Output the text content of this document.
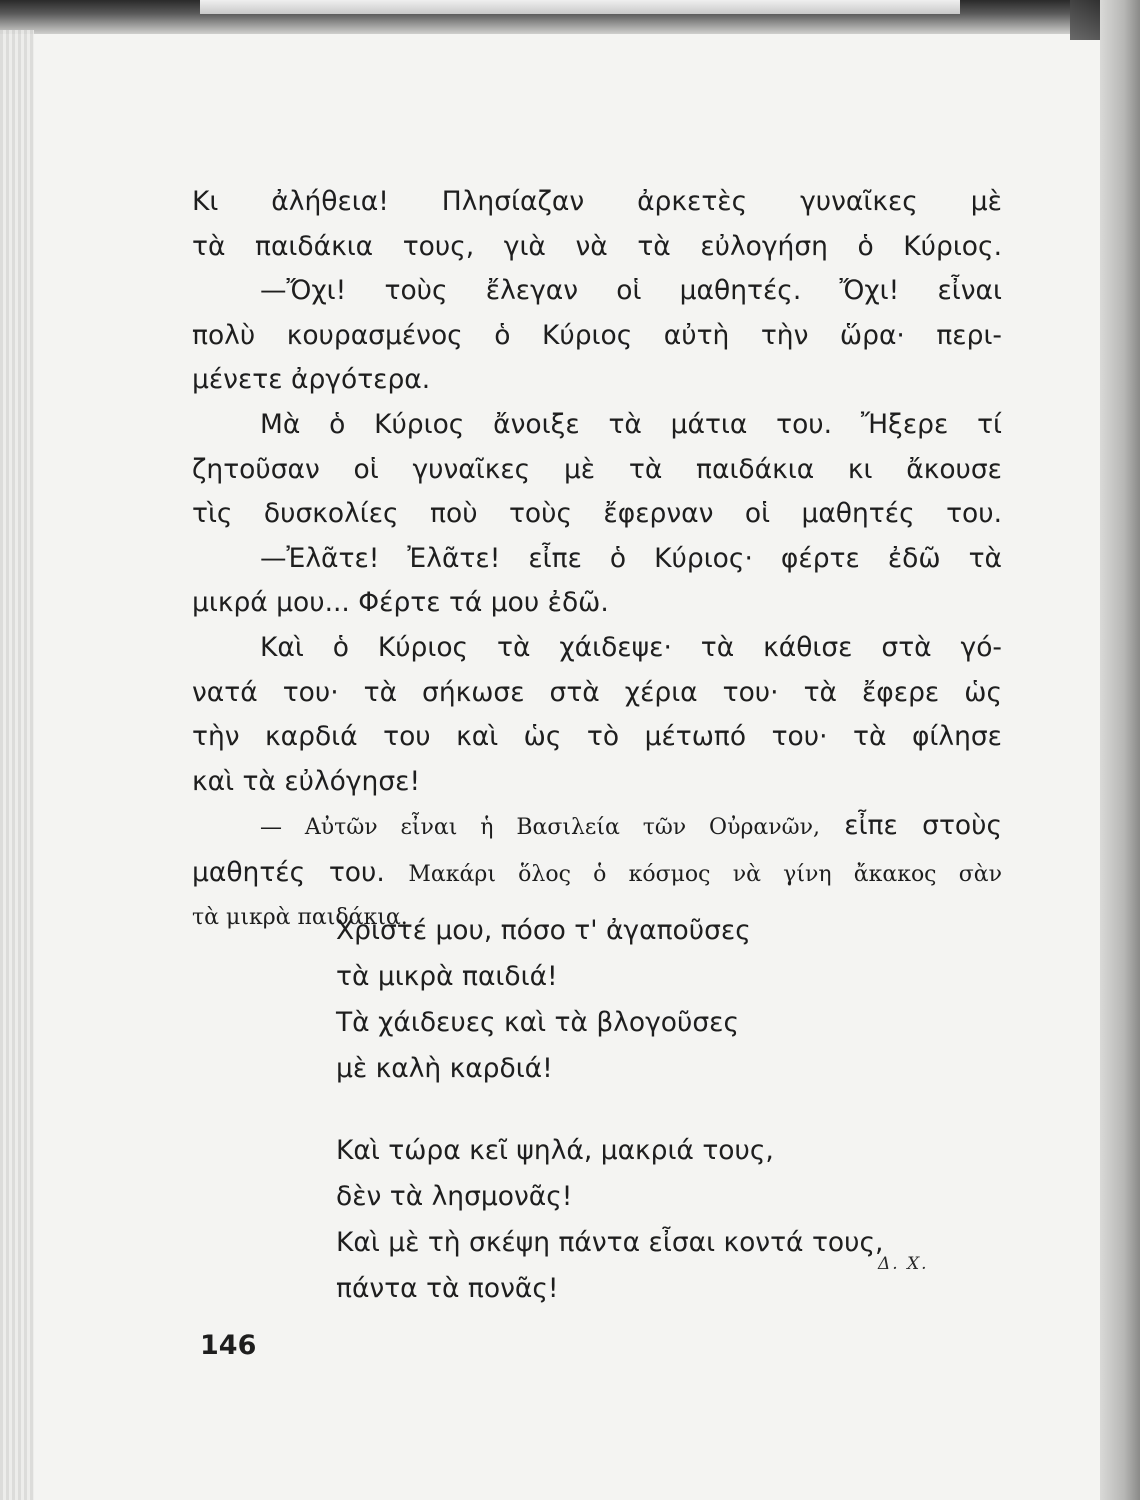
Κι ἀλήθεια! Πλησίαζαν ἀρκετὲς γυναῖκες μὲ

τὰ παιδάκια τους, γιὰ νὰ τὰ εὐλογήση ὁ Κύριος.

—Ὄχι! τοὺς ἔλεγαν οἱ μαθητές. Ὄχι! εἶναι

πολὺ κουρασμένος ὁ Κύριος αὐτὴ τὴν ὥρα· περι-

μένετε ἀργότερα.

Μὰ ὁ Κύριος ἄνοιξε τὰ μάτια του. Ἤξερε τί

ζητοῦσαν οἱ γυναῖκες μὲ τὰ παιδάκια κι ἄκουσε

τὶς δυσκολίες ποὺ τοὺς ἔφερναν οἱ μαθητές του.

—Ἐλᾶτε! Ἐλᾶτε! εἶπε ὁ Κύριος· φέρτε ἐδῶ τὰ

μικρά μου... Φέρτε τά μου ἐδῶ.

Καὶ ὁ Κύριος τὰ χάιδεψε· τὰ κάθισε στὰ γό-

νατά του· τὰ σήκωσε στὰ χέρια του· τὰ ἔφερε ὡς

τὴν καρδιά του καὶ ὡς τὸ μέτωπό του· τὰ φίλησε

καὶ τὰ εὐλόγησε!

— Αὐτῶν εἶναι ἡ Βασιλεία τῶν Οὐρανῶν, εἶπε στοὺς

μαθητές του. Μακάρι ὅλος ὁ κόσμος νὰ γίνη ἄκακος σὰν

τὰ μικρὰ παιδάκια.

Χριστέ μου, πόσο τ' ἀγαποῦσες
τὰ μικρὰ παιδιά!
Τὰ χάιδευες καὶ τὰ βλογοῦσες
μὲ καλὴ καρδιά!
Καὶ τώρα κεῖ ψηλά, μακριά τους,
δὲν τὰ λησμονᾶς!
Καὶ μὲ τὴ σκέψη πάντα εἶσαι κοντά τους,
πάντα τὰ πονᾶς!
Δ. Χ.
146
